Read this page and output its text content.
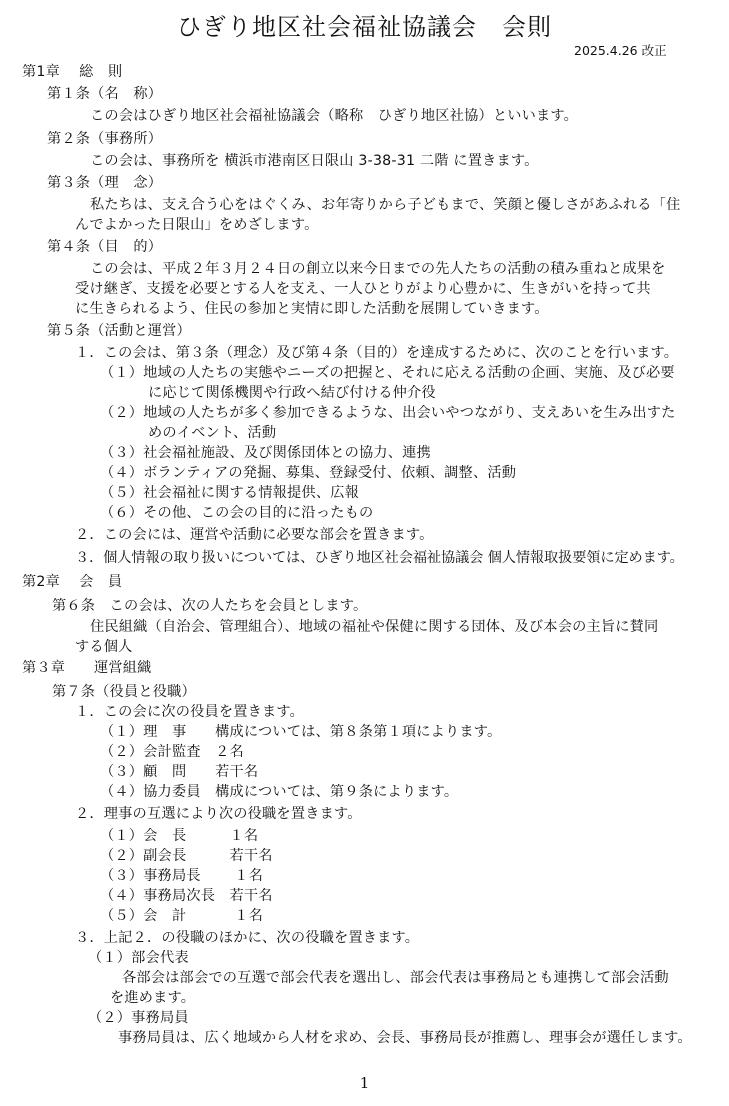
ひぎり地区社会福祉協議会　会則
2025.4.26 改正
第1章　 総　則
第１条（名　称）
この会はひぎり地区社会福祉協議会（略称　ひぎり地区社協）といいます。
第２条（事務所）
この会は、事務所を 横浜市港南区日限山 3-38-31 二階 に置きます。
第３条（理　念）
私たちは、支え合う心をはぐくみ、お年寄りから子どもまで、笑顔と優しさがあふれる「住
んでよかった日限山」をめざします。
第４条（目　的）
この会は、平成２年３月２４日の創立以来今日までの先人たちの活動の積み重ねと成果を
受け継ぎ、支援を必要とする人を支え、一人ひとりがより心豊かに、生きがいを持って共
に生きられるよう、住民の参加と実情に即した活動を展開していきます。
第５条（活動と運営）
１．この会は、第３条（理念）及び第４条（目的）を達成するために、次のことを行います。
（１）地域の人たちの実態やニーズの把握と、それに応える活動の企画、実施、及び必要
に応じて関係機関や行政へ結び付ける仲介役
（２）地域の人たちが多く参加できるような、出会いやつながり、支えあいを生み出すた
めのイベント、活動
（３）社会福祉施設、及び関係団体との協力、連携
（４）ボランティアの発掘、募集、登録受付、依頼、調整、活動
（５）社会福祉に関する情報提供、広報
（６）その他、この会の目的に沿ったもの
２．この会には、運営や活動に必要な部会を置きます。
３．個人情報の取り扱いについては、ひぎり地区社会福祉協議会 個人情報取扱要領に定めます。
第2章　 会　員
第６条　この会は、次の人たちを会員とします。
住民組織（自治会、管理組合）、地域の福祉や保健に関する団体、及び本会の主旨に賛同
する個人
第３章　　運営組織
第７条（役員と役職）
１．この会に次の役員を置きます。
（１）理　事　　構成については、第８条第１項によります。
（２）会計監査　２名
（３）顧　問　　若干名
（４）協力委員　構成については、第９条によります。
２．理事の互選により次の役職を置きます。
（１）会　長　　　１名
（２）副会長　　　若干名
（３）事務局長　　 １名
（４）事務局次長　若干名
（５）会　計　　　 １名
３．上記２．の役職のほかに、次の役職を置きます。
（１）部会代表
各部会は部会での互選で部会代表を選出し、部会代表は事務局とも連携して部会活動
を進めます。
（２）事務局員
事務局員は、広く地域から人材を求め、会長、事務局長が推薦し、理事会が選任します。
1
